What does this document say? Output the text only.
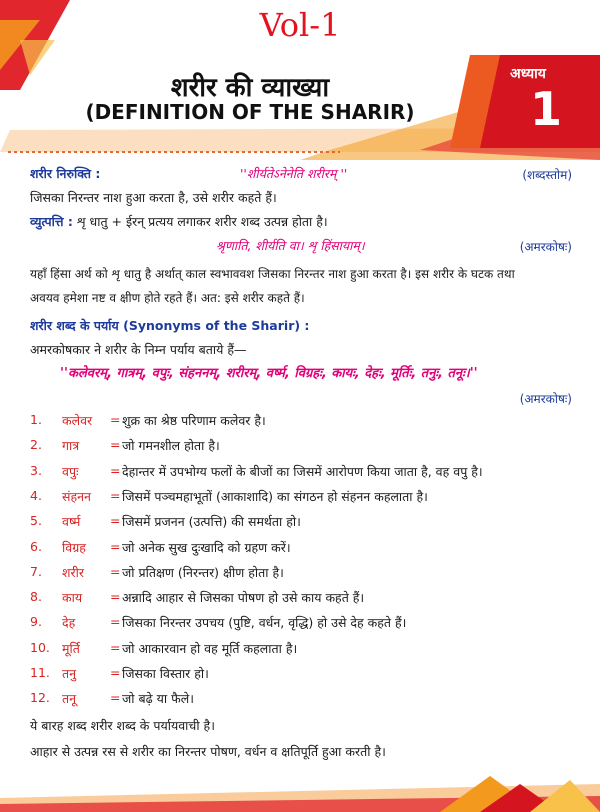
Vol-1
शरीर की व्याख्या
(DEFINITION OF THE SHARIR)
अध्याय
1
शरीर निरुक्ति :	''शीर्यतेऽनेनेति शरीरम् ''	(शब्दस्तोम)
जिसका निरन्तर नाश हुआ करता है, उसे शरीर कहते हैं।
व्युत्पत्ति : शृ धातु + ईरन् प्रत्यय लगाकर शरीर शब्द उत्पन्न होता है।
श्रृणाति, शीर्यति वा। शृ हिंसायाम्।	(अमरकोषः)
यहाँ हिंसा अर्थ को शृ धातु है अर्थात् काल स्वभाववश जिसका निरन्तर नाश हुआ करता है। इस शरीर के घटक तथा
अवयव हमेशा नष्ट व क्षीण होते रहते हैं। अत: इसे शरीर कहते हैं।
शरीर शब्द के पर्याय (Synonyms of the Sharir) :
अमरकोषकार ने शरीर के निम्न पर्याय बताये हैं—
''कलेवरम्, गात्रम्, वपुः, संहननम्, शरीरम्, वर्ष्म, विग्रहः, कायः, देहः, मूर्तिः, तनुः, तनूः।''
(अमरकोषः)
1. कलेवर = शुक्र का श्रेष्ठ परिणाम कलेवर है।
2. गात्र = जो गमनशील होता है।
3. वपुः	= देहान्तर में उपभोग्य फलों के बीजों का जिसमें आरोपण किया जाता है, वह वपु है।
4. संहनन = जिसमें पञ्चमहाभूतों (आकाशादि) का संगठन हो संहनन कहलाता है।
5. वर्ष्म = जिसमें प्रजनन (उत्पत्ति) की समर्थता हो।
6. विग्रह = जो अनेक सुख दुःखादि को ग्रहण करें।
7. शरीर = जो प्रतिक्षण (निरन्तर) क्षीण होता है।
8. काय = अन्नादि आहार से जिसका पोषण हो उसे काय कहते हैं।
9. देह	= जिसका निरन्तर उपचय (पुष्टि, वर्धन, वृद्धि) हो उसे देह कहते हैं।
10. मूर्ति = जो आकारवान हो वह मूर्ति कहलाता है।
11. तनु	= जिसका विस्तार हो।
12. तनू	= जो बढ़े या फैले।
ये बारह शब्द शरीर शब्द के पर्यायवाची है।
आहार से उत्पन्न रस से शरीर का निरन्तर पोषण, वर्धन व क्षतिपूर्ति हुआ करती है।
